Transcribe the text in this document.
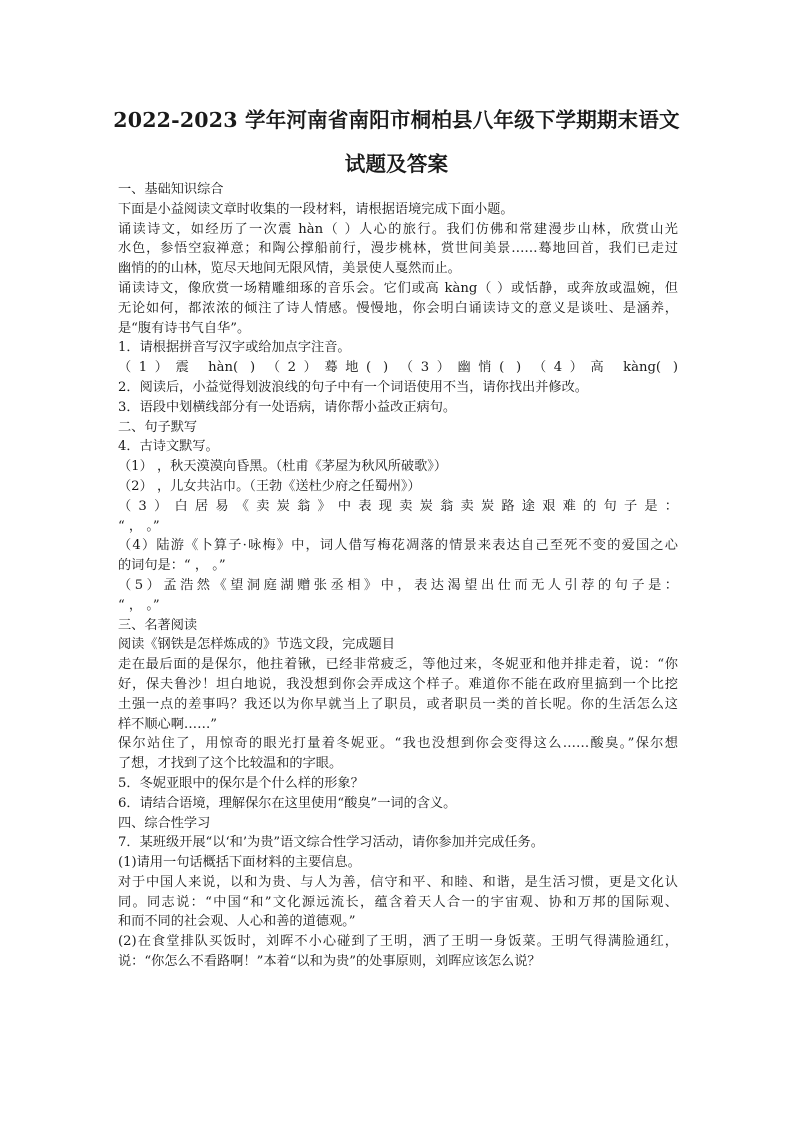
2022-2023 学年河南省南阳市桐柏县八年级下学期期末语文
试题及答案
一、基础知识综合
下面是小益阅读文章时收集的一段材料，请根据语境完成下面小题。
诵读诗文，如经历了一次震 hàn（ ）人心的旅行。我们仿佛和常建漫步山林，欣赏山光
水色，参悟空寂禅意；和陶公撑船前行，漫步桃林，赏世间美景……蓦地回首，我们已走过
幽悄的的山林，览尽天地间无限风情，美景使人戛然而止。
诵读诗文，像欣赏一场精雕细琢的音乐会。它们或高 kàng（ ）或恬静，或奔放或温婉，但
无论如何，都浓浓的倾注了诗人情感。慢慢地，你会明白诵读诗文的意义是谈吐、是涵养，
是“腹有诗书气自华”。
1．请根据拼音写汉字或给加点字注音。
（1）震 hàn( ) （2）蓦地( ) （3）幽悄( ) （4）高 kàng( )
2．阅读后，小益觉得划波浪线的句子中有一个词语使用不当，请你找出并修改。
3．语段中划横线部分有一处语病，请你帮小益改正病句。
二、句子默写
4．古诗文默写。
（1） ，秋天漠漠向昏黑。（杜甫《茅屋为秋风所破歌》）
（2） ，儿女共沾巾。（王勃《送杜少府之任蜀州》）
（3）白居易《卖炭翁》中表现卖炭翁卖炭路途艰难的句子是：
“ ， 。”
（4）陆游《卜算子·咏梅》中，词人借写梅花凋落的情景来表达自己至死不变的爱国之心
的词句是：“ ， 。”
（5）孟浩然《望洞庭湖赠张丞相》中，表达渴望出仕而无人引荐的句子是：
“ ， 。”
三、名著阅读
阅读《钢铁是怎样炼成的》节选文段，完成题目
走在最后面的是保尔，他拄着锹，已经非常疲乏，等他过来，冬妮亚和他并排走着，说：“你
好，保夫鲁沙！坦白地说，我没想到你会弄成这个样子。难道你不能在政府里搞到一个比挖
土强一点的差事吗？我还以为你早就当上了职员，或者职员一类的首长呢。你的生活怎么这
样不顺心啊……”
保尔站住了，用惊奇的眼光打量着冬妮亚。“我也没想到你会变得这么……酸臭。”保尔想
了想，才找到了这个比较温和的字眼。
5．冬妮亚眼中的保尔是个什么样的形象？
6．请结合语境，理解保尔在这里使用“酸臭”一词的含义。
四、综合性学习
7．某班级开展“以‘和’为贵”语文综合性学习活动，请你参加并完成任务。
(1)请用一句话概括下面材料的主要信息。
对于中国人来说，以和为贵、与人为善，信守和平、和睦、和谐，是生活习惯，更是文化认
同。同志说：“中国“和”文化源远流长，蕴含着天人合一的宇宙观、协和万邦的国际观、
和而不同的社会观、人心和善的道德观。”
(2)在食堂排队买饭时，刘晖不小心碰到了王明，洒了王明一身饭菜。王明气得满脸通红，
说：“你怎么不看路啊！”本着“以和为贵”的处事原则，刘晖应该怎么说？
